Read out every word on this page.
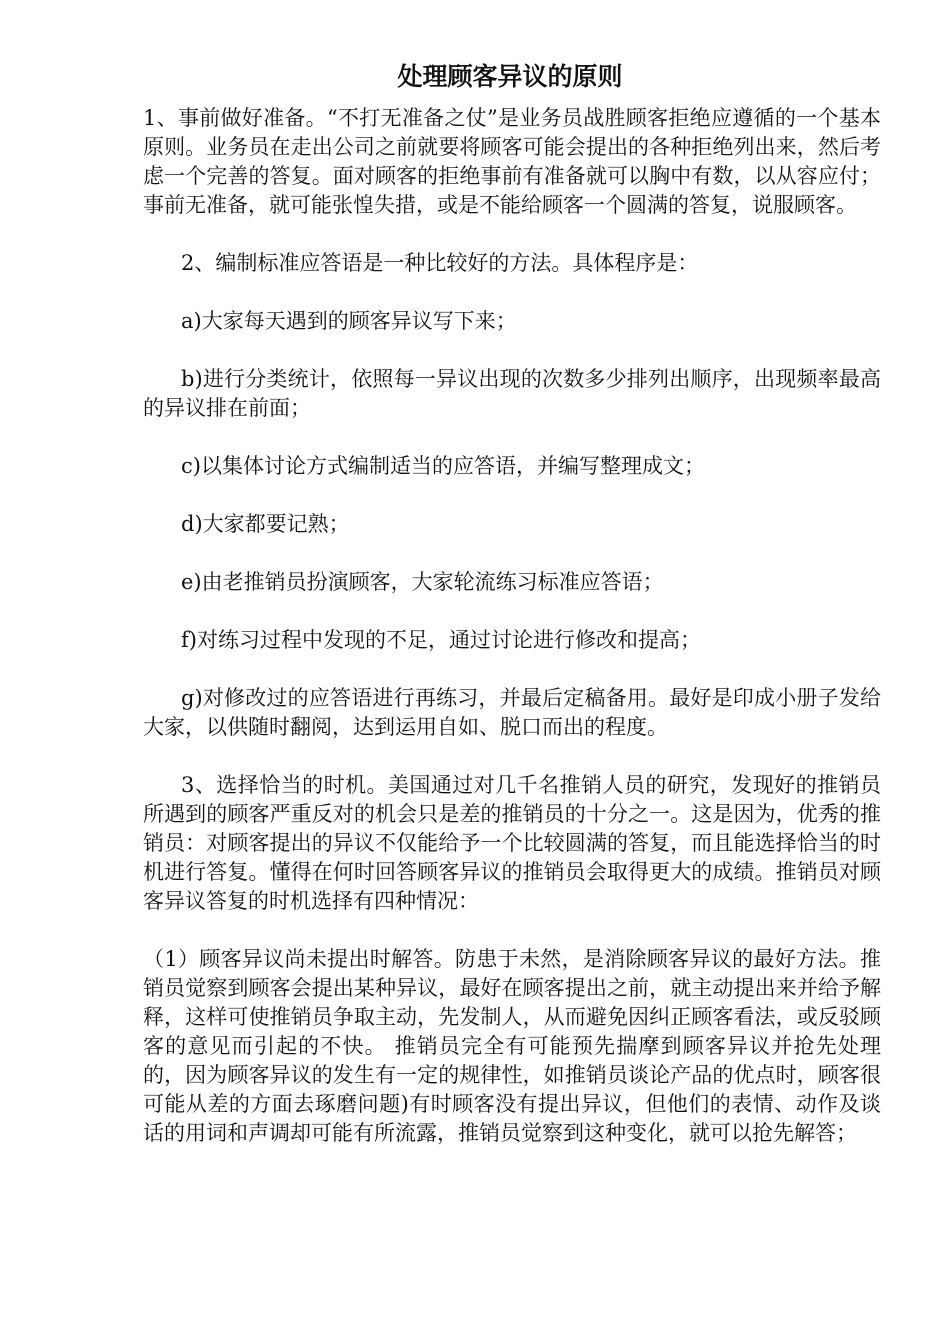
处理顾客异议的原则

1、事前做好准备。“不打无准备之仗”是业务员战胜顾客拒绝应遵循的一个基本原则。业务员在走出公司之前就要将顾客可能会提出的各种拒绝列出来，然后考虑一个完善的答复。面对顾客的拒绝事前有准备就可以胸中有数，以从容应付；事前无准备，就可能张惶失措，或是不能给顾客一个圆满的答复，说服顾客。

2、编制标准应答语是一种比较好的方法。具体程序是：

a)大家每天遇到的顾客异议写下来；

b)进行分类统计，依照每一异议出现的次数多少排列出顺序，出现频率最高的异议排在前面；

c)以集体讨论方式编制适当的应答语，并编写整理成文；

d)大家都要记熟；

e)由老推销员扮演顾客，大家轮流练习标准应答语；

f)对练习过程中发现的不足，通过讨论进行修改和提高；

g)对修改过的应答语进行再练习，并最后定稿备用。最好是印成小册子发给大家，以供随时翻阅，达到运用自如、脱口而出的程度。

3、选择恰当的时机。美国通过对几千名推销人员的研究，发现好的推销员所遇到的顾客严重反对的机会只是差的推销员的十分之一。这是因为，优秀的推销员：对顾客提出的异议不仅能给予一个比较圆满的答复，而且能选择恰当的时机进行答复。懂得在何时回答顾客异议的推销员会取得更大的成绩。推销员对顾客异议答复的时机选择有四种情况：

（1）顾客异议尚未提出时解答。防患于未然，是消除顾客异议的最好方法。推销员觉察到顾客会提出某种异议，最好在顾客提出之前，就主动提出来并给予解释，这样可使推销员争取主动，先发制人，从而避免因纠正顾客看法，或反驳顾客的意见而引起的不快。 推销员完全有可能预先揣摩到顾客异议并抢先处理的，因为顾客异议的发生有一定的规律性，如推销员谈论产品的优点时，顾客很可能从差的方面去琢磨问题)有时顾客没有提出异议，但他们的表情、动作及谈话的用词和声调却可能有所流露，推销员觉察到这种变化，就可以抢先解答；
